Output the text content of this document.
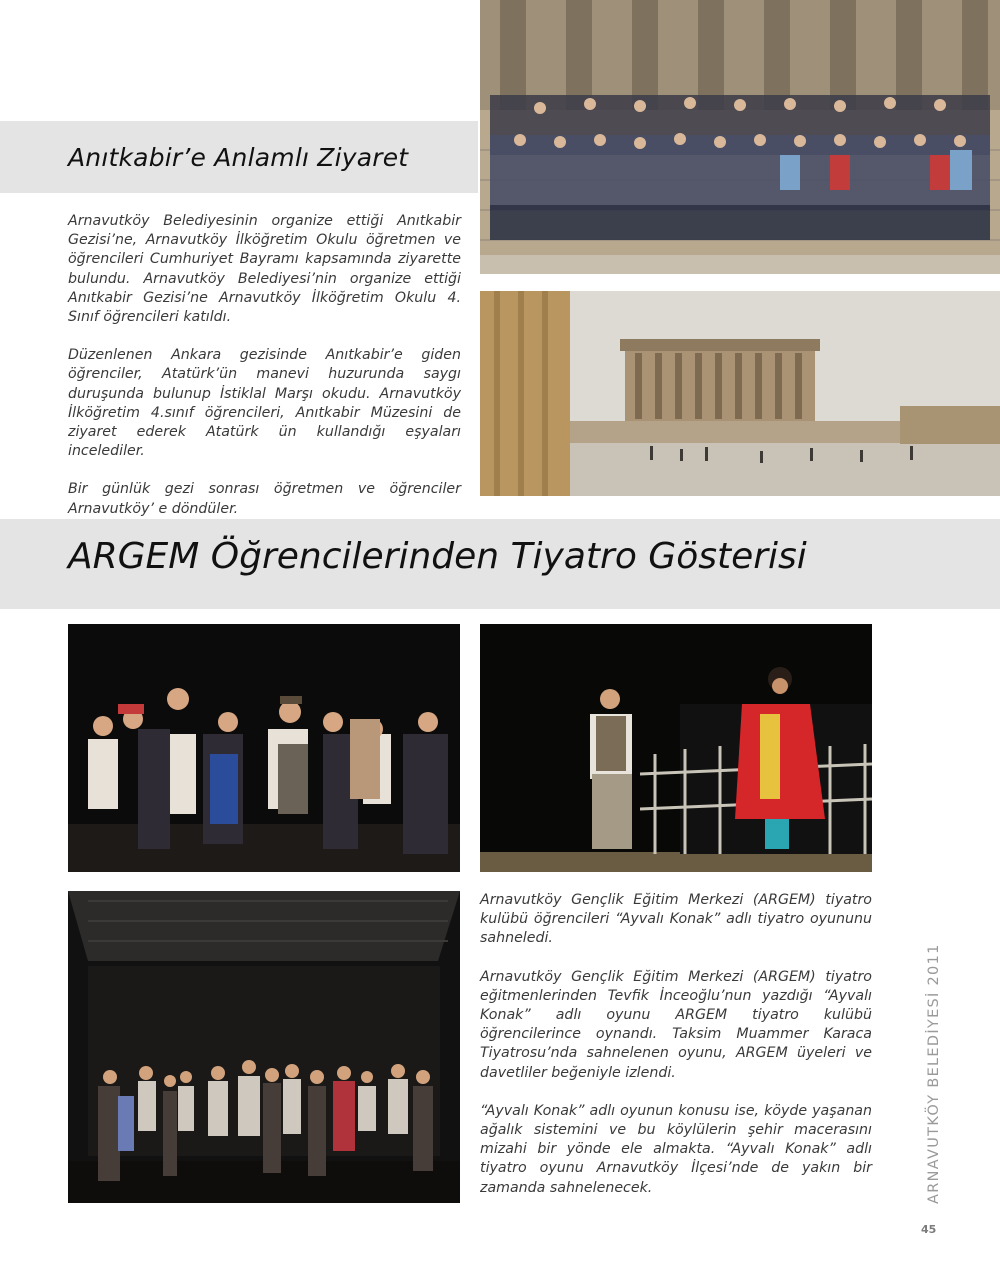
Anıtkabir’e Anlamlı Ziyaret

Arnavutköy Belediyesinin organize ettiği Anıtkabir Gezisi’ne, Arnavutköy İlköğretim Okulu öğretmen ve öğrencileri Cumhuriyet Bayramı kapsamında ziyarette bulundu. Arnavutköy Belediyesi’nin organize ettiği Anıtkabir Gezisi’ne Arnavutköy İlköğretim Okulu 4. Sınıf öğrencileri katıldı.

Düzenlenen Ankara gezisinde Anıtkabir’e giden öğrenciler, Atatürk’ün manevi huzurunda saygı duruşunda bulunup İstiklal Marşı okudu. Arnavutköy İlköğretim 4.sınıf öğrencileri, Anıtkabir Müzesini de ziyaret ederek Atatürk ün kullandığı eşyaları incelediler.

Bir günlük gezi sonrası öğretmen ve öğrenciler Arnavutköy’ e döndüler.

ARGEM Öğrencilerinden Tiyatro Gösterisi

Arnavutköy Gençlik Eğitim Merkezi (ARGEM) tiyatro kulübü öğrencileri “Ayvalı Konak” adlı tiyatro oyununu sahneledi.

Arnavutköy Gençlik Eğitim Merkezi (ARGEM) tiyatro eğitmenlerinden Tevfik İnceoğlu’nun yazdığı “Ayvalı Konak” adlı oyunu ARGEM tiyatro kulübü öğrencilerince oynandı. Taksim Muammer Karaca Tiyatrosu’nda sahnelenen oyunu, ARGEM üyeleri ve davetliler beğeniyle izlendi.

“Ayvalı Konak” adlı oyunun konusu ise, köyde yaşanan ağalık sistemini ve bu köylülerin şehir macerasını mizahi bir yönde ele almakta. “Ayvalı Konak” adlı tiyatro oyunu Arnavutköy İlçesi’nde de yakın bir zamanda sahnelenecek.	ARNAVUTKÖY BELEDİYESİ 2011
45
